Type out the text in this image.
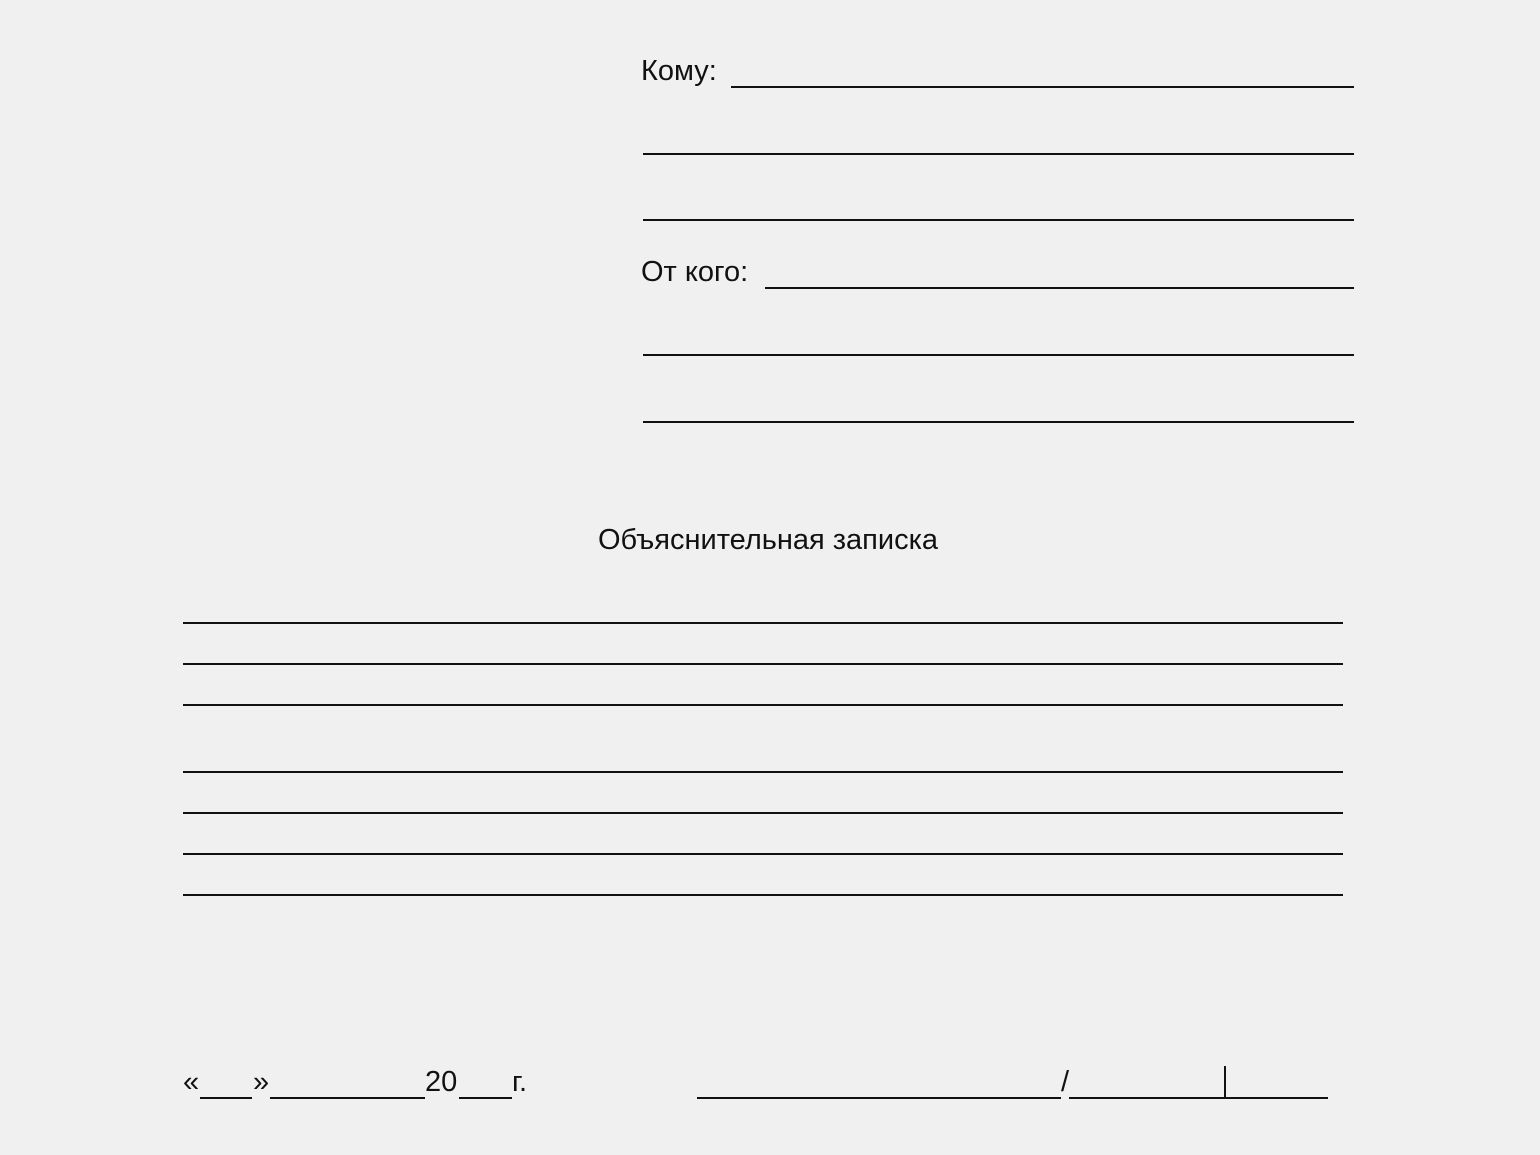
Кому:
От кого:
Объяснительная записка
« »	20 г.	/
